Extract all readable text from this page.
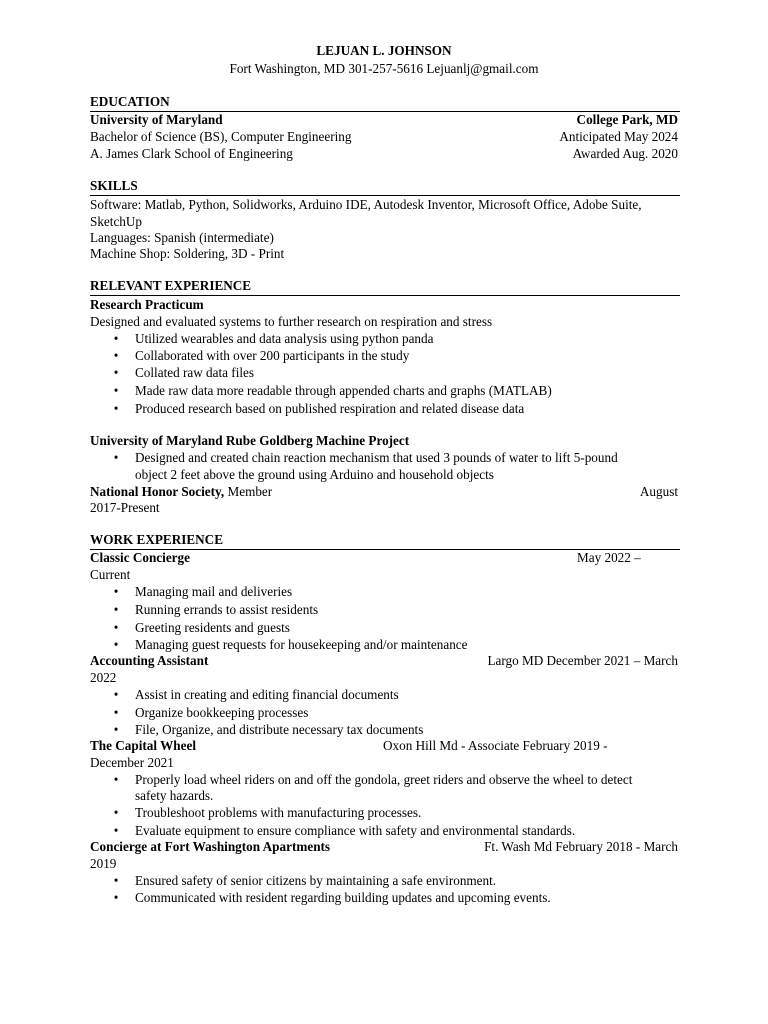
LEJUAN L. JOHNSON
Fort Washington, MD 301-257-5616 Lejuanlj@gmail.com
EDUCATION
University of Maryland	College Park, MD
Bachelor of Science (BS), Computer Engineering	Anticipated May 2024
A. James Clark School of Engineering	Awarded Aug. 2020
SKILLS
Software: Matlab, Python, Solidworks, Arduino IDE, Autodesk Inventor, Microsoft Office, Adobe Suite,
SketchUp
Languages: Spanish (intermediate)
Machine Shop: Soldering, 3D - Print
RELEVANT EXPERIENCE
Research Practicum
Designed and evaluated systems to further research on respiration and stress
• Utilized wearables and data analysis using python panda
• Collaborated with over 200 participants in the study
• Collated raw data files
• Made raw data more readable through appended charts and graphs (MATLAB)
• Produced research based on published respiration and related disease data
University of Maryland Rube Goldberg Machine Project
• Designed and created chain reaction mechanism that used 3 pounds of water to lift 5-pound
object 2 feet above the ground using Arduino and household objects
National Honor Society, Member	August
2017-Present
WORK EXPERIENCE
Classic Concierge	May 2022 –
Current
• Managing mail and deliveries
• Running errands to assist residents
• Greeting residents and guests
• Managing guest requests for housekeeping and/or maintenance
Accounting Assistant	Largo MD December 2021 – March
2022
• Assist in creating and editing financial documents
• Organize bookkeeping processes
• File, Organize, and distribute necessary tax documents
The Capital Wheel	Oxon Hill Md - Associate February 2019 -
December 2021
• Properly load wheel riders on and off the gondola, greet riders and observe the wheel to detect
safety hazards.
• Troubleshoot problems with manufacturing processes.
• Evaluate equipment to ensure compliance with safety and environmental standards.
Concierge at Fort Washington Apartments	Ft. Wash Md February 2018 - March
2019
• Ensured safety of senior citizens by maintaining a safe environment.
• Communicated with resident regarding building updates and upcoming events.
